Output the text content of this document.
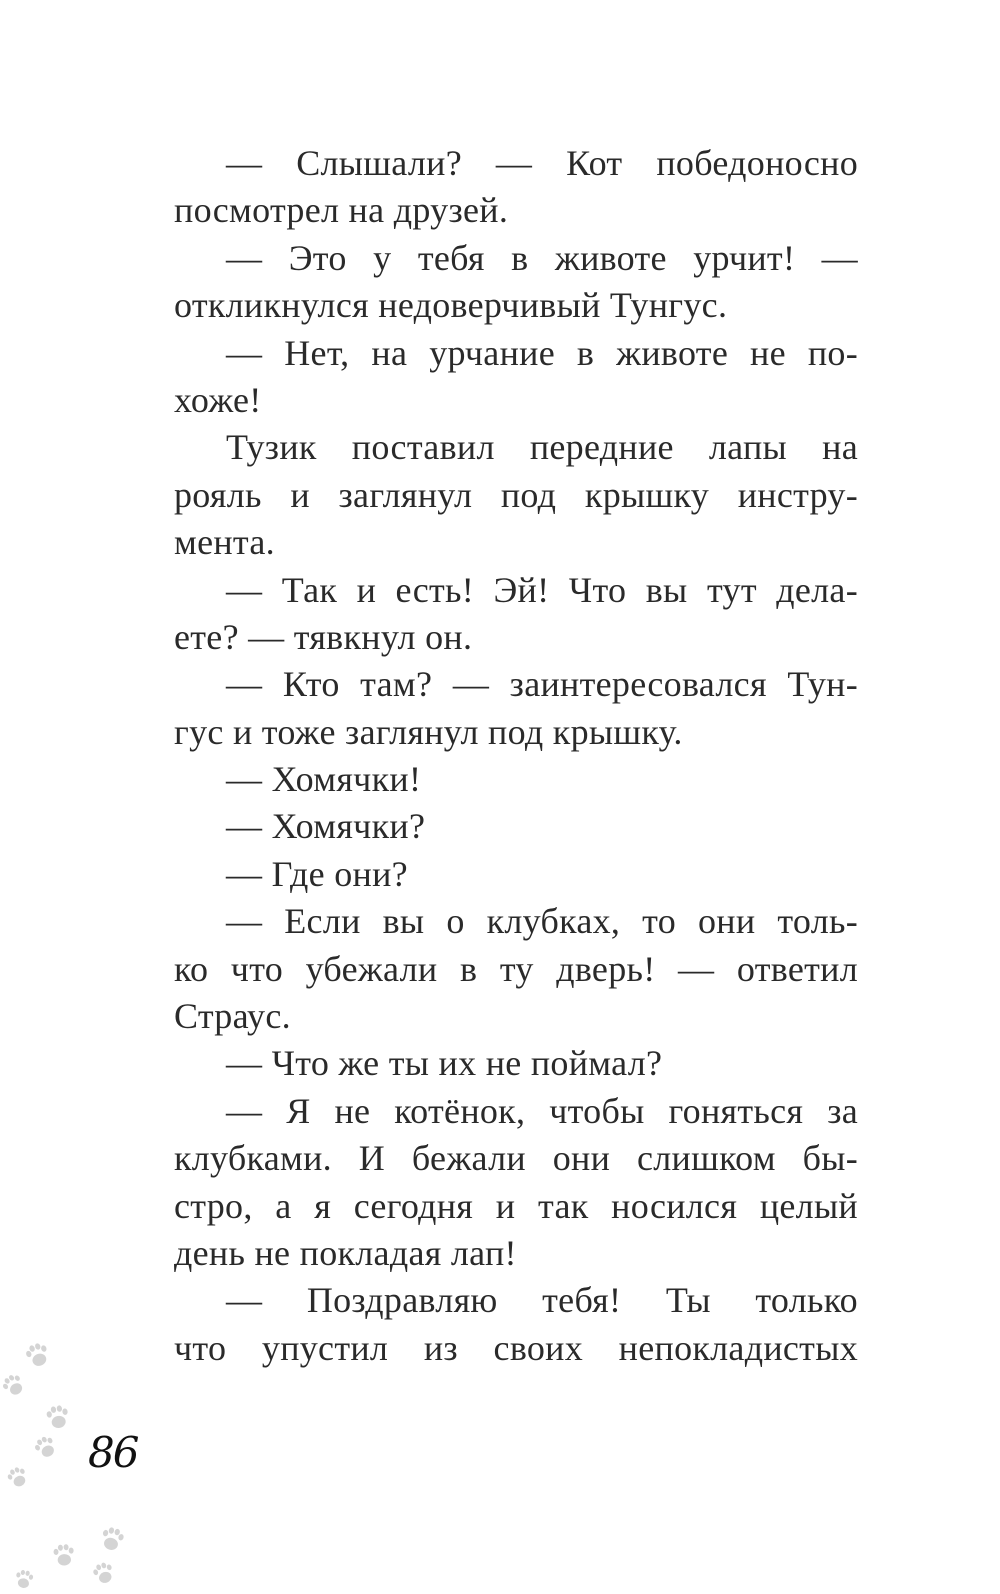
— Слышали? — Кот победоносно
посмотрел на друзей.
— Это у тебя в животе урчит! —
откликнулся недоверчивый Тунгус.
— Нет, на урчание в животе не по-
хоже!
Тузик поставил передние лапы на
рояль и заглянул под крышку инстру-
мента.
— Так и есть! Эй! Что вы тут дела-
ете? — тявкнул он.
— Кто там? — заинтересовался Тун-
гус и тоже заглянул под крышку.
— Хомячки!
— Хомячки?
— Где они?
— Если вы о клубках, то они толь-
ко что убежали в ту дверь! — ответил
Страус.
— Что же ты их не поймал?
— Я не котёнок, чтобы гоняться за
клубками. И бежали они слишком бы-
стро, а я сегодня и так носился целый
день не покладая лап!
— Поздравляю тебя! Ты только
что упустил из своих непокладистых
86
